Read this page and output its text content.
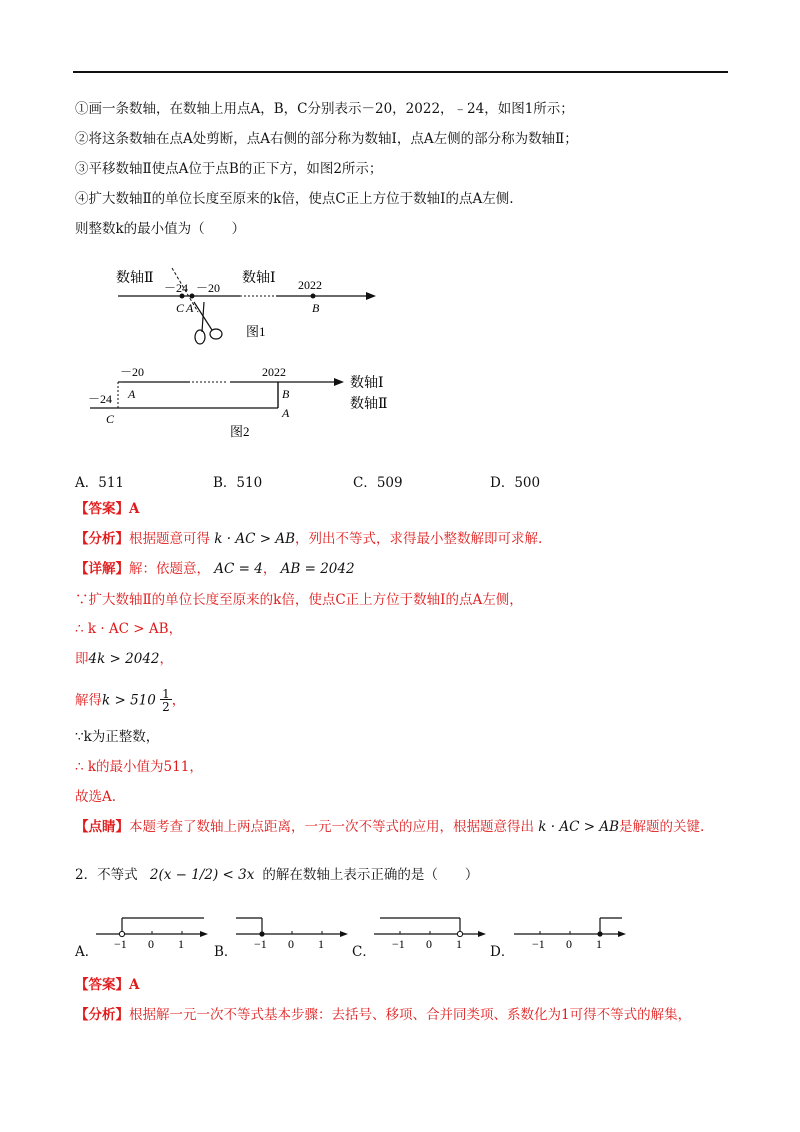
①画一条数轴，在数轴上用点A，B，C分别表示－20，2022，﹣24，如图1所示；
②将这条数轴在点A处剪断，点A右侧的部分称为数轴I，点A左侧的部分称为数轴Ⅱ；
③平移数轴Ⅱ使点A位于点B的正下方，如图2所示；
④扩大数轴Ⅱ的单位长度至原来的k倍，使点C正上方位于数轴I的点A左侧.
则整数k的最小值为（　　）
数轴Ⅱ	数轴Ⅰ
－24 －20	2022
C A	B
图1
－20	2022
－24 A	B
C	A
数轴Ⅰ
数轴Ⅱ
图2
A．511	B．510	C．509	D．500
【答案】A
【分析】根据题意可得 k · AC > AB，列出不等式，求得最小整数解即可求解.
【详解】解：依题意， AC = 4， AB = 2042
∵扩大数轴Ⅱ的单位长度至原来的k倍，使点C正上方位于数轴I的点A左侧，
∴ k · AC > AB，
即4k > 2042，
解得k > 510 1
2 ，
∵k为正整数，
∴ k的最小值为511，
故选A.
【点睛】本题考查了数轴上两点距离，一元一次不等式的应用，根据题意得出 k · AC > AB是解题的关键.
2．不等式 2(x − 1/2) < 3x 的解在数轴上表示正确的是（　　）
−1 0 1	−1 0 1	−1 0 1	−1 0 1
A．	B．	C．	D．
【答案】A
【分析】根据解一元一次不等式基本步骤：去括号、移项、合并同类项、系数化为1可得不等式的解集，
